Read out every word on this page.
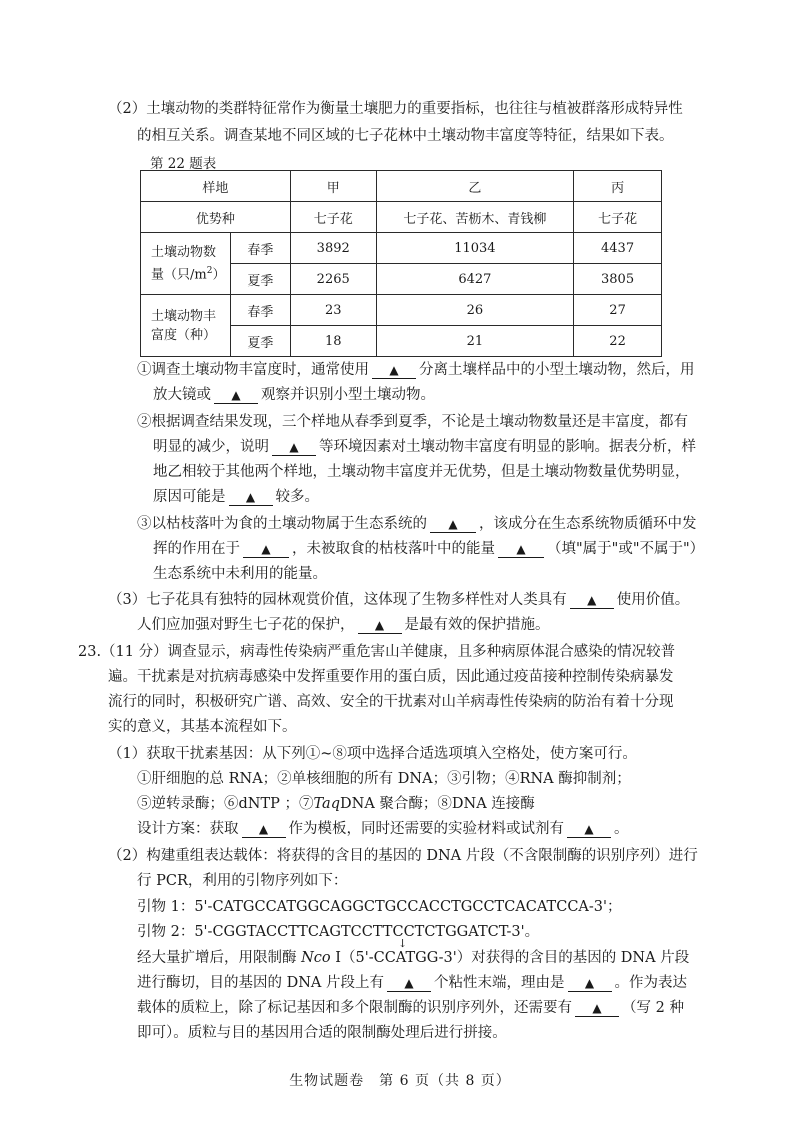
（2）土壤动物的类群特征常作为衡量土壤肥力的重要指标，也往往与植被群落形成特异性
的相互关系。调查某地不同区域的七子花林中土壤动物丰富度等特征，结果如下表。
第 22 题表
样地		甲	乙	丙
优势种		七子花	七子花、苦枥木、青钱柳	七子花
土壤动物数
量（只$/m^2$）	春季	3892	11034	4437
	夏季	2265	6427	3805
土壤动物丰
富度（种）	春季	23	26	27
	夏季	18	21	22
①调查土壤动物丰富度时，通常使用 ▲ 分离土壤样品中的小型土壤动物，然后，用
放大镜或 ▲ 观察并识别小型土壤动物。
②根据调查结果发现，三个样地从春季到夏季，不论是土壤动物数量还是丰富度，都有
明显的减少，说明 ▲ 等环境因素对土壤动物丰富度有明显的影响。据表分析，样
地乙相较于其他两个样地，土壤动物丰富度并无优势，但是土壤动物数量优势明显，
原因可能是 ▲ 较多。
③以枯枝落叶为食的土壤动物属于生态系统的 ▲ ，该成分在生态系统物质循环中发
挥的作用在于 ▲ ，未被取食的枯枝落叶中的能量 ▲ （填"属于"或"不属于"）
生态系统中未利用的能量。
（3）七子花具有独特的园林观赏价值，这体现了生物多样性对人类具有 ▲ 使用价值。
人们应加强对野生七子花的保护， ▲ 是最有效的保护措施。
23.（11 分）调查显示，病毒性传染病严重危害山羊健康，且多种病原体混合感染的情况较普
遍。干扰素是对抗病毒感染中发挥重要作用的蛋白质，因此通过疫苗接种控制传染病暴发
流行的同时，积极研究广谱、高效、安全的干扰素对山羊病毒性传染病的防治有着十分现
实的意义，其基本流程如下。
（1）获取干扰素基因：从下列①~⑧项中选择合适选项填入空格处，使方案可行。
①肝细胞的总 RNA；②单核细胞的所有 DNA；③引物；④RNA 酶抑制剂；
⑤逆转录酶；⑥dNTP ；⑦TaqDNA 聚合酶；⑧DNA 连接酶
设计方案：获取 ▲ 作为模板，同时还需要的实验材料或试剂有 ▲ 。
（2）构建重组表达载体：将获得的含目的基因的 DNA 片段（不含限制酶的识别序列）进行
行 PCR，利用的引物序列如下：
引物 1：5'-CATGCCATGGCAGGCTGCCACCTGCCTCACATCCA-3'；
引物 2：5'-CGGTACCTTCAGTCCTTCCTCTGGATCT-3'。
经大量扩增后，用限制酶 Nco Ⅰ（5'-CCATGG-3'）对获得的含目的基因的 DNA 片段
进行酶切，目的基因的 DNA 片段上有 ▲ 个粘性末端，理由是 ▲ 。作为表达
载体的质粒上，除了标记基因和多个限制酶的识别序列外，还需要有 ▲ （写 2 种
即可）。质粒与目的基因用合适的限制酶处理后进行拼接。
↓
生物试题卷　第 6 页（共 8 页）
